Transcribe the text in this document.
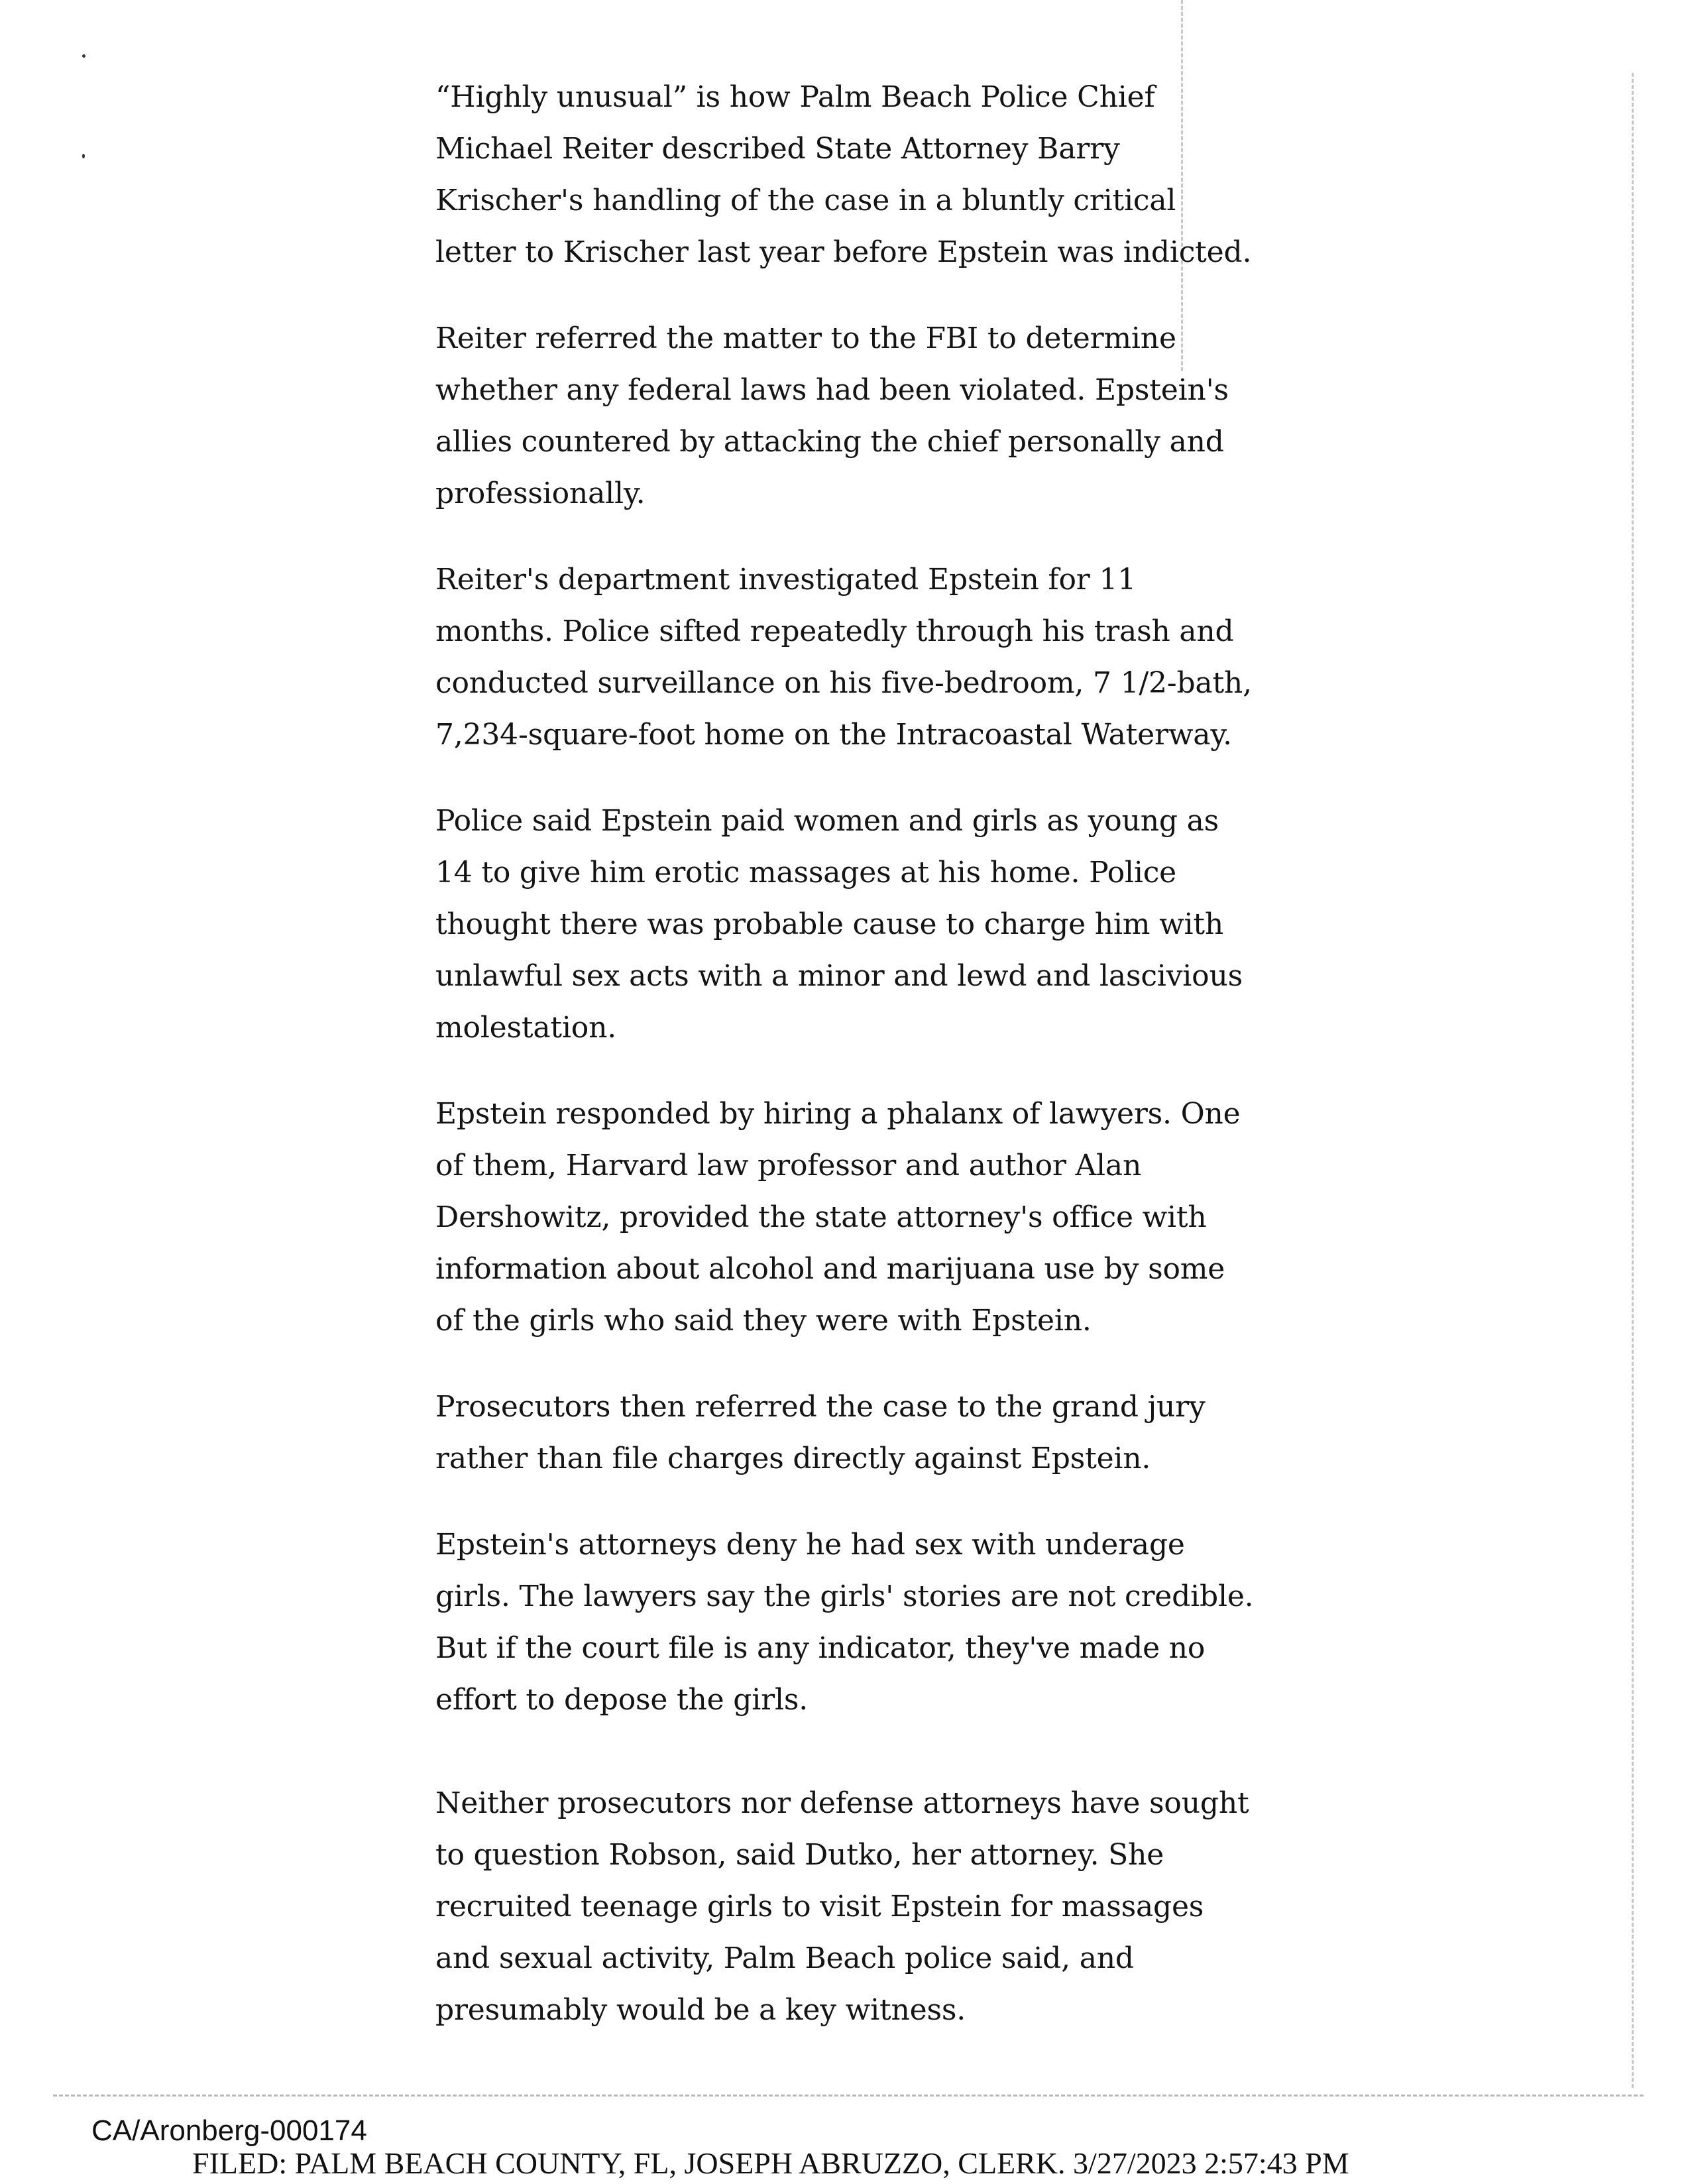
“Highly unusual” is how Palm Beach Police Chief Michael Reiter described State Attorney Barry Krischer's handling of the case in a bluntly critical letter to Krischer last year before Epstein was indicted.

Reiter referred the matter to the FBI to determine whether any federal laws had been violated. Epstein's allies countered by attacking the chief personally and professionally.

Reiter's department investigated Epstein for 11 months. Police sifted repeatedly through his trash and conducted surveillance on his five-bedroom, 7 1/2-bath, 7,234-square-foot home on the Intracoastal Waterway.

Police said Epstein paid women and girls as young as 14 to give him erotic massages at his home. Police thought there was probable cause to charge him with unlawful sex acts with a minor and lewd and lascivious molestation.

Epstein responded by hiring a phalanx of lawyers. One of them, Harvard law professor and author Alan Dershowitz, provided the state attorney's office with information about alcohol and marijuana use by some of the girls who said they were with Epstein.

Prosecutors then referred the case to the grand jury rather than file charges directly against Epstein.

Epstein's attorneys deny he had sex with underage girls. The lawyers say the girls' stories are not credible. But if the court file is any indicator, they've made no effort to depose the girls.

Neither prosecutors nor defense attorneys have sought to question Robson, said Dutko, her attorney. She recruited teenage girls to visit Epstein for massages and sexual activity, Palm Beach police said, and presumably would be a key witness.

CA/Aronberg-000174
FILED: PALM BEACH COUNTY, FL, JOSEPH ABRUZZO, CLERK. 3/27/2023 2:57:43 PM
